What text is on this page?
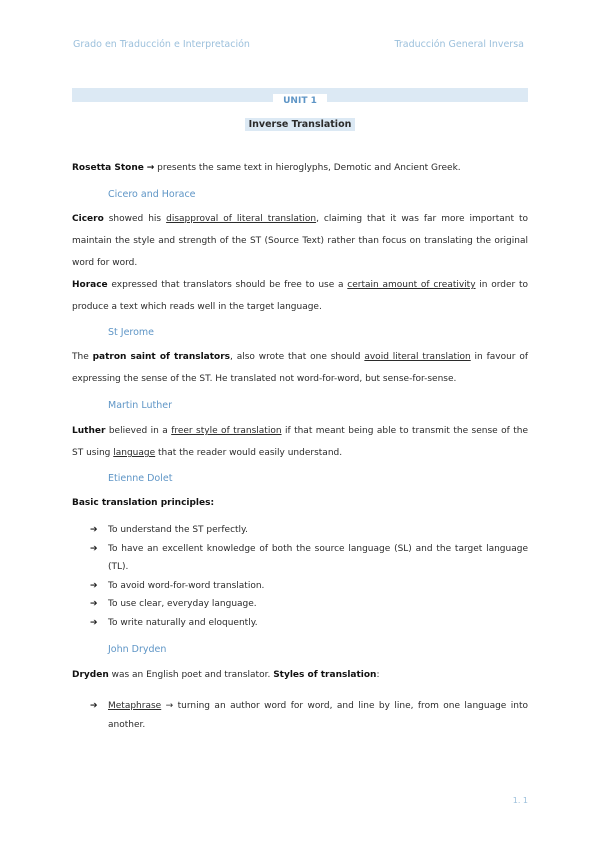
Grado en Traducción e Interpretación	Traducción General Inversa
UNIT 1
Inverse Translation

Rosetta Stone → presents the same text in hieroglyphs, Demotic and Ancient Greek.

Cicero and Horace

Cicero showed his disapproval of literal translation, claiming that it was far more important to maintain the style and strength of the ST (Source Text) rather than focus on translating the original word for word.

Horace expressed that translators should be free to use a certain amount of creativity in order to produce a text which reads well in the target language.

St Jerome

The patron saint of translators, also wrote that one should avoid literal translation in favour of expressing the sense of the ST. He translated not word-for-word, but sense-for-sense.

Martin Luther

Luther believed in a freer style of translation if that meant being able to transmit the sense of the ST using language that the reader would easily understand.

Etienne Dolet

Basic translation principles:

➔ To understand the ST perfectly.
➔ To have an excellent knowledge of both the source language (SL) and the target language (TL).
➔ To avoid word-for-word translation.
➔ To use clear, everyday language.
➔ To write naturally and eloquently.

John Dryden

Dryden was an English poet and translator. Styles of translation:

➔ Metaphrase → turning an author word for word, and line by line, from one language into another.
1. 1
